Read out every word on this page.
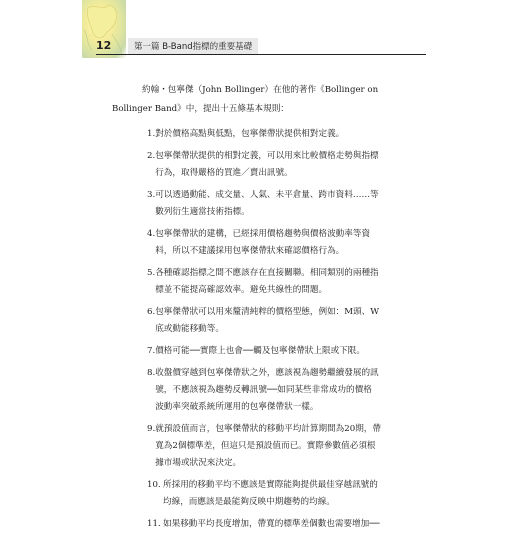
12	第一篇 B-Band指標的重要基礎
約翰・包寧傑（John Bollinger）在他的著作《Bollinger on
Bollinger Band》中，提出十五條基本規則：
1. 對於價格高點與低點，包寧傑帶狀提供相對定義。
2. 包寧傑帶狀提供的相對定義，可以用來比較價格走勢與指標
行為，取得嚴格的買進／賣出訊號。
3. 可以透過動能、成交量、人氣、未平倉量、跨市資料……等
數列衍生適當技術指標。
4. 包寧傑帶狀的建構，已經採用價格趨勢與價格波動率等資
料，所以不建議採用包寧傑帶狀來確認價格行為。
5. 各種確認指標之間不應該存在直接關聯。相同類別的兩種指
標並不能提高確認效率。避免共線性的問題。
6. 包寧傑帶狀可以用來釐清純粹的價格型態，例如：M頭、W
底或動能移動等。
7. 價格可能──實際上也會──觸及包寧傑帶狀上限或下限。
8. 收盤價穿越到包寧傑帶狀之外，應該視為趨勢繼續發展的訊
號，不應該視為趨勢反轉訊號──如同某些非常成功的價格
波動率突破系統所運用的包寧傑帶狀一樣。
9. 就預設值而言，包寧傑帶狀的移動平均計算期間為20期，帶
寬為2個標準差，但這只是預設值而已。實際參數值必須根
據市場或狀況來決定。
10. 所採用的移動平均不應該是實際能夠提供最佳穿越訊號的
均線，而應該是最能夠反映中期趨勢的均線。
11. 如果移動平均長度增加，帶寬的標準差個數也需要增加──
